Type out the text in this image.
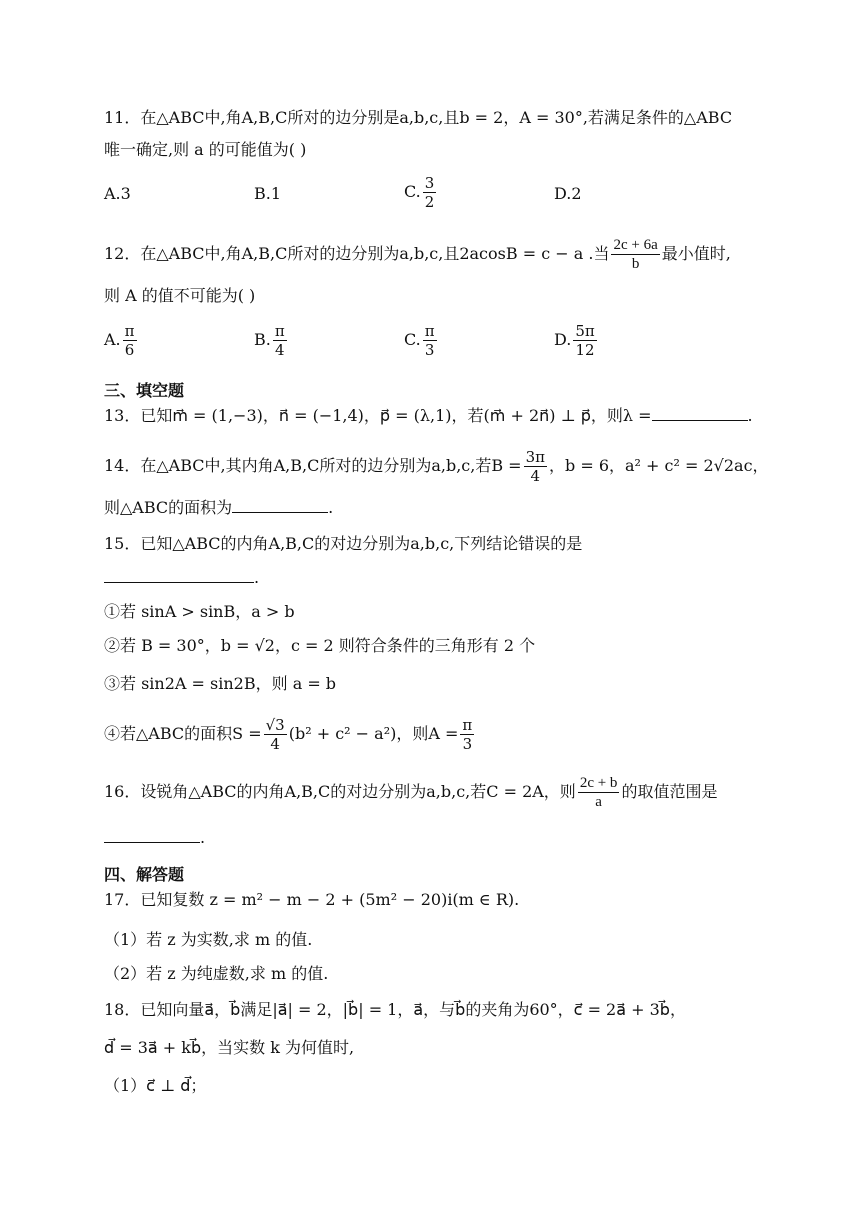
11．在△ABC中,角A,B,C所对的边分别是a,b,c,且b = 2，A = 30°,若满足条件的△ABC
唯一确定,则 a 的可能值为( )
A.3	B.1	C. $\frac{3}{2}$	D.2
12．在△ABC中,角A,B,C所对的边分别为a,b,c,且2acosB = c − a .当 $\frac{2c + 6a}{b}$ 最小值时,
则 A 的值不可能为( )
A. $\frac{\pi}{6}$	B. $\frac{\pi}{4}$	C. $\frac{\pi}{3}$	D. $\frac{5\pi}{12}$
三、填空题
13．已知m⃗ = (1,−3)，n⃗ = (−1,4)，p⃗ = (λ,1)，若(m⃗ + 2n⃗) ⊥ p⃗，则λ =	.
14．在△ABC中,其内角A,B,C所对的边分别为a,b,c,若$B = \frac{3\pi}{4}$ ，b = 6，a² + c² = 2√2ac，
则△ABC的面积为	.
15．已知△ABC的内角A,B,C的对边分别为a,b,c,下列结论错误的是
.
①若 sinA > sinB，a > b
②若 B = 30°，b = √2，c = 2 则符合条件的三角形有 2 个
③若 sin2A = sin2B，则 a = b
④若△ABC的面积$S = \frac{√3}{4} (b^2 + c^2 - a^2)$，则$A = \frac{\pi}{3}$
16．设锐角△ABC的内角A,B,C的对边分别为a,b,c,若C = 2A，则 $\frac{2c + b}{a}$ 的取值范围是
.
四、解答题
17．已知复数 z = m² − m − 2 + (5m² − 20)i(m ∈ R).
（1）若 z 为实数,求 m 的值.
（2）若 z 为纯虚数,求 m 的值.
18．已知向量a⃗，b⃗满足|a⃗| = 2，|b⃗| = 1，a⃗，与b⃗的夹角为60°，c⃗ = 2a⃗ + 3b⃗，
d⃗ = 3a⃗ + kb⃗，当实数 k 为何值时,
（1）c⃗ ⊥ d⃗；
